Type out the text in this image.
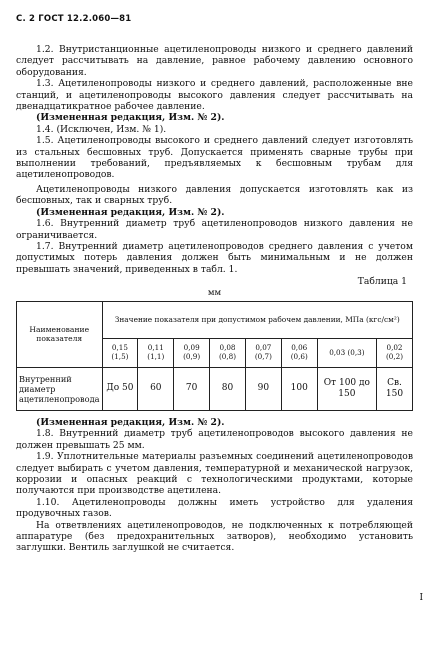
С. 2 ГОСТ 12.2.060—81

1.2. Внутристанционные ацетиленопроводы низкого и среднего давлений следует рассчитывать на давление, равное рабочему давлению основного оборудования.

1.3. Ацетиленопроводы низкого и среднего давлений, расположенные вне станций, и ацетиленопроводы высокого давления следует рассчитывать на двенадцатикратное рабочее давление.

(Измененная редакция, Изм. № 2).

1.4. (Исключен, Изм. № 1).

1.5. Ацетиленопроводы высокого и среднего давлений следует изготовлять из стальных бесшовных труб. Допускается применять сварные трубы при выполнении требований, предъявляемых к бесшовным трубам для ацетиленопроводов.

Ацетиленопроводы низкого давления допускается изготовлять как из бесшовных, так и сварных труб.

(Измененная редакция, Изм. № 2).

1.6. Внутренний диаметр труб ацетиленопроводов низкого давления не ограничивается.

1.7. Внутренний диаметр ацетиленопроводов среднего давления с учетом допустимых потерь давления должен быть минимальным и не должен превышать значений, приведенных в табл. 1.

Таблица 1
мм
Наименование показателя	Значение показателя при допустимом рабочем давлении, МПа (кгс/см²)							
	0,15 (1,5)	0,11 (1,1)	0,09 (0,9)	0,08 (0,8)	0,07 (0,7)	0,06 (0,6)	0,03 (0,3)	0,02 (0,2)
Внутренний диаметр ацетиленопровода	До 50	60	70	80	90	100	От 100 до 150	Св. 150

(Измененная редакция, Изм. № 2).

1.8. Внутренний диаметр труб ацетиленопроводов высокого давления не должен превышать 25 мм.

1.9. Уплотнительные материалы разъемных соединений ацетиленопроводов следует выбирать с учетом давления, температурной и механической нагрузок, коррозии и опасных реакций с технологическими продуктами, которые получаются при производстве ацетилена.

1.10. Ацетиленопроводы должны иметь устройство для удаления продувочных газов.

На ответвлениях ацетиленопроводов, не подключенных к потребляющей аппаратуре (без предохранительных затворов), необходимо установить заглушки. Вентиль заглушкой не считается.

I
